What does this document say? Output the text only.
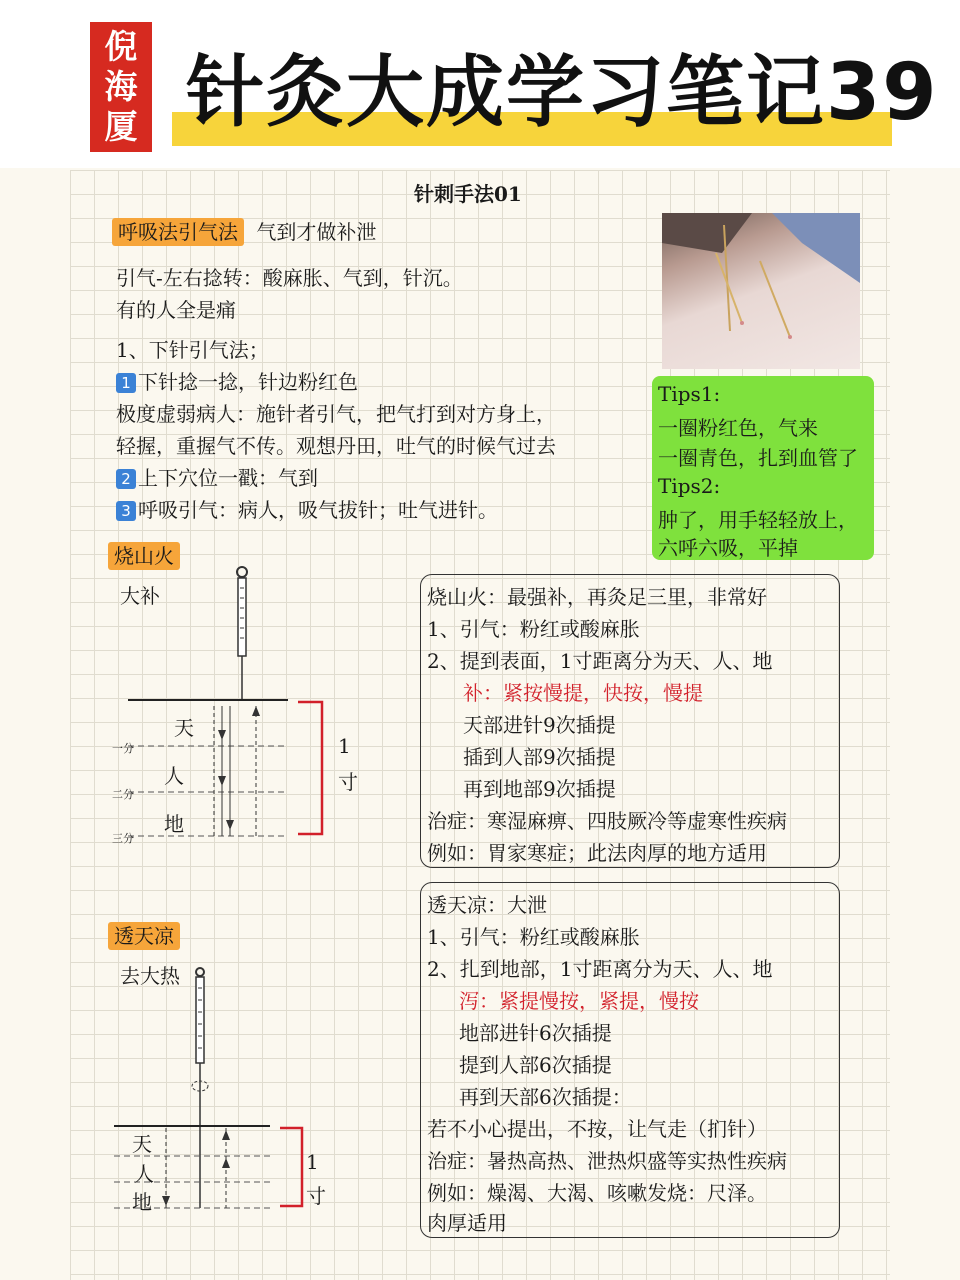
倪
海
厦 针灸大成学习笔记39
针刺手法01
呼吸法引气法 气到才做补泄
引气-左右捻转：酸麻胀、气到，针沉。
有的人全是痛
1、下针引气法；
1 下针捻一捻，针边粉红色
极度虚弱病人：施针者引气，把气打到对方身上，
轻握，重握气不传。观想丹田，吐气的时候气过去
2 上下穴位一戳：气到
3 呼吸引气：病人，吸气拔针；吐气进针。
Tips1:
一圈粉红色，气来
一圈青色，扎到血管了
Tips2:
肿了，用手轻轻放上，
六呼六吸，平掉
烧山火
大补
天
人
地
一分
二分
三分
1
寸
烧山火：最强补，再灸足三里，非常好
1、引气：粉红或酸麻胀
2、提到表面，1寸距离分为天、人、地
补：紧按慢提，快按，慢提
天部进针9次插提
插到人部9次插提
再到地部9次插提
治症：寒湿麻痹、四肢厥冷等虚寒性疾病
例如：胃家寒症；此法肉厚的地方适用
透天凉
去大热
天
人
地
1
寸
透天凉：大泄
1、引气：粉红或酸麻胀
2、扎到地部，1寸距离分为天、人、地
泻：紧提慢按，紧提，慢按
地部进针6次插提
提到人部6次插提
再到天部6次插提：
若不小心提出，不按，让气走（扪针）
治症：暑热高热、泄热炽盛等实热性疾病
例如：燥渴、大渴、咳嗽发烧：尺泽。
肉厚适用
